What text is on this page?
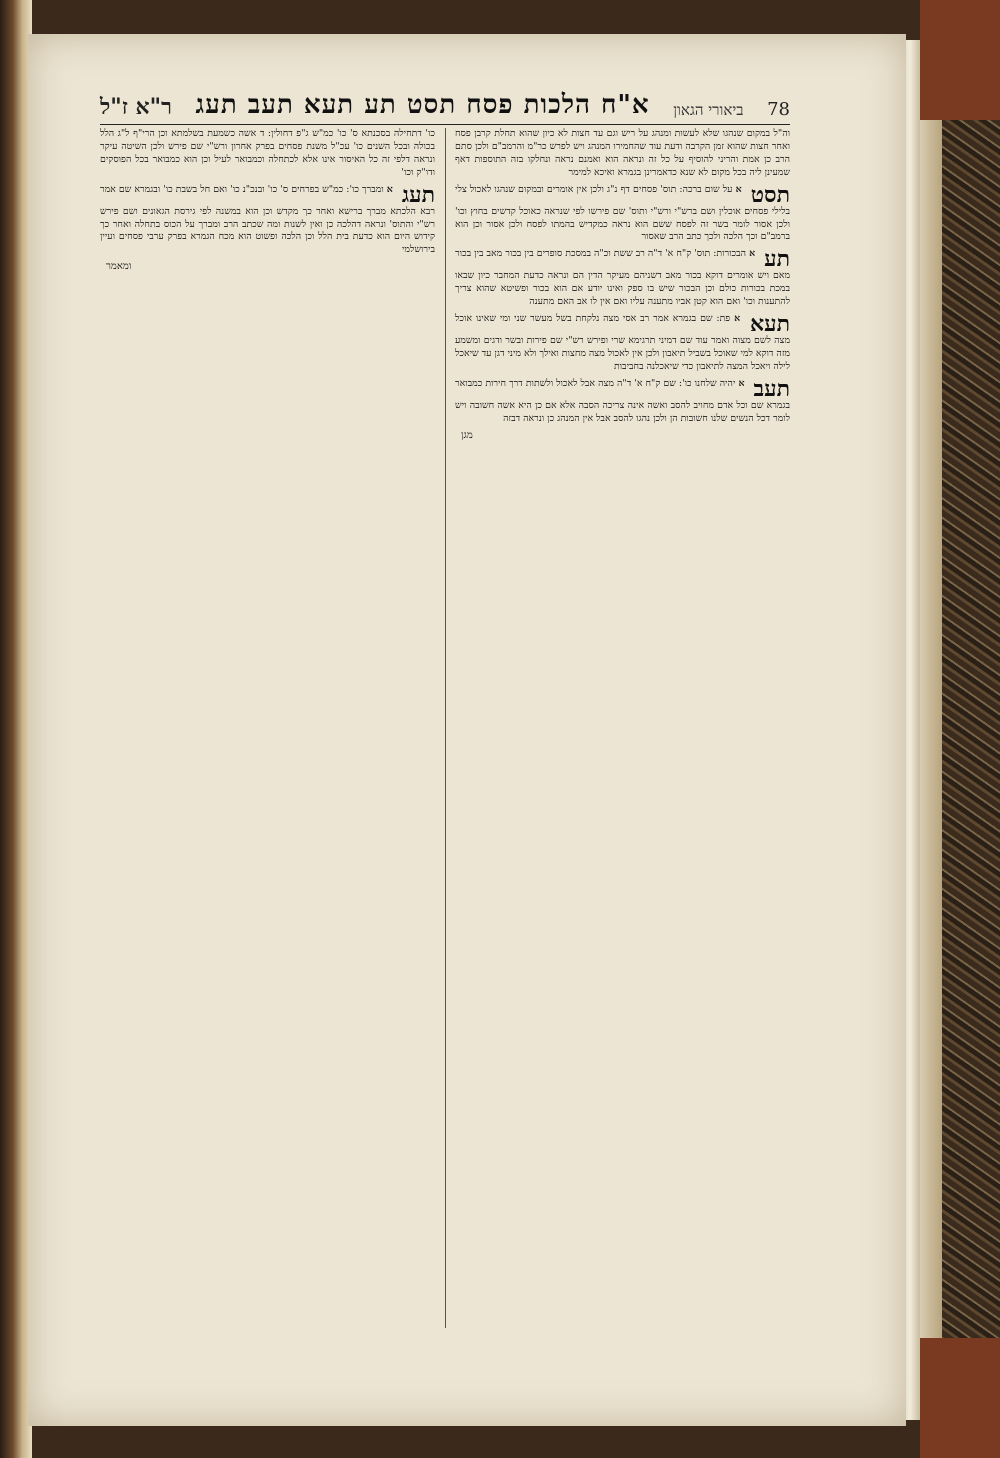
78
ביאורי הגאון
א"ח הלכות פסח תסט תע תעא תעב תעג
ר"א ז"ל

וה"ל במקום שנהגו שלא לעשות ומנהג על ריש וגם עד חצות לא כיון שהוא תחלת קרבן פסח ואחר חצות שהוא זמן הקרבה ודעת עוד שהחמירו המנהג ויש לפרש כר"מ והרמב"ם ולכן סתם הרב כן אמת והריני להוסיף על כל זה ונראה הוא ואמנם נראה ונחלקו בזה התוספות דאף שמעינן ליה בכל מקום לא שנא כדאמרינן בגמרא ואיכא למימר

תסט א על שום ברכה: תוס' פסחים דף נ"ג ולכן אין אומרים ובמקום שנהגו לאכול צלי בלילי פסחים אוכלין ושם ברש"י ורש"י ותוס' שם פירשו לפי שנראה כאוכל קדשים בחוץ וכו' ולכן אסור לומר בשר זה לפסח ששם הוא נראה כמקדיש בהמתו לפסח ולכן אסור וכן הוא ברמב"ם וכך הלכה ולכך כתב הרב שאסור
תע א הבכורות: תוס' ק"ח א' ד"ה רב ששת וכ"ה במסכת סופרים בין בכור מאב בין בכור מאם ויש אומרים דוקא בכור מאב דשניהם מעיקר הדין הם ונראה כדעת המחבר כיון שבאו במכת בכורות כולם וכן הבכור שיש בו ספק ואינו יודע אם הוא בכור ופשיטא שהוא צריך להתענות וכו' ואם הוא קטן אביו מתענה עליו ואם אין לו אב האם מתענה
תעא א פת: שם בגמרא אמר רב אסי מצה נלקחת בשל מעשר שני ומי שאינו אוכל מצה לשם מצוה ואמר עוד שם דמיני תרגימא שרי ופירש רש"י שם פירות ובשר ודגים ומשמע מזה דוקא למי שאוכל בשביל תיאבון ולכן אין לאכול מצה מחצות ואילך ולא מיני דגן עד שיאכל לילה ויאכל המצה לתיאבון כדי שיאכלנה בחביבות
תעב א יהיה שלחנו כו': שם ק"ח א' ד"ה מצה אבל לאכול ולשתות דרך חירות כמבואר בגמרא שם וכל אדם מחויב להסב ואשה אינה צריכה הסבה אלא אם כן היא אשה חשובה ויש לומר דכל הנשים שלנו חשובות הן ולכן נהגו להסב אבל אין המנהג כן ונראה דבזה
מגן

כו' דתחילה בסכנתא ס' כו' כמ"ש ג"פ דחולין: ד אשה כשמעת בשלמתא וכן הרי"ף ל"ג הלל בכולה ובכל השנים כו' עכ"ל משנת פסחים בפרק אחרון ורש"י שם פירש ולכן השיטה עיקר ונראה דלפי זה כל האיסור אינו אלא לכתחלה וכמבואר לעיל וכן הוא כמבואר בכל הפוסקים ודו"ק וכו'

תעג א ומברך כו': כמ"ש בפרחים ס' כו' ובנכ"נ כו' ואם חל בשבת כו' ובגמרא שם אמר רבא הלכתא מברך ברישא ואחר כך מקדש וכן הוא במשנה לפי גירסת הגאונים ושם פירש רש"י והתוס' ונראה דהלכה כן ואין לשנות ומה שכתב הרב ומברך על הכוס בתחלה ואחר כך קידוש היום הוא כדעת בית הלל וכן הלכה ופשוט הוא מכח הגמרא בפרק ערבי פסחים ועיין בירושלמי
ומאמר
